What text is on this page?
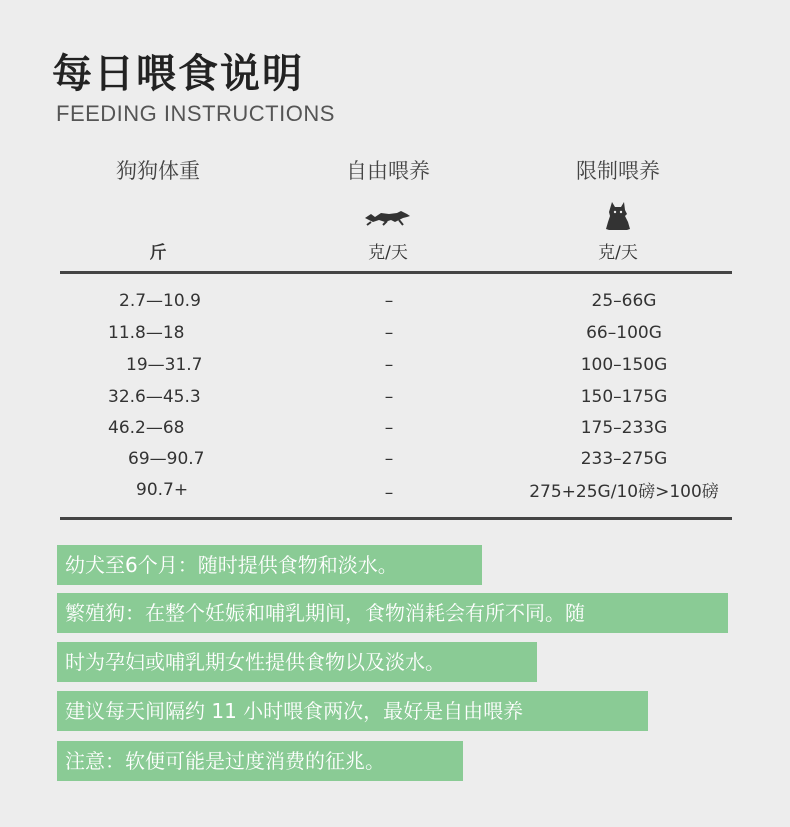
每日喂食说明
FEEDING INSTRUCTIONS
狗狗体重	自由喂养	限制喂养
斤	克/天	克/天
2.7—10.9	–	25–66G
11.8—18	–	66–100G
19—31.7	–	100–150G
32.6—45.3	–	150–175G
46.2—68	–	175–233G
69—90.7	–	233–275G
90.7+	–	275+25G/10磅>100磅
幼犬至6个月：随时提供食物和淡水。
繁殖狗：在整个妊娠和哺乳期间，食物消耗会有所不同。随
时为孕妇或哺乳期女性提供食物以及淡水。
建议每天间隔约 11 小时喂食两次，最好是自由喂养
注意：软便可能是过度消费的征兆。
